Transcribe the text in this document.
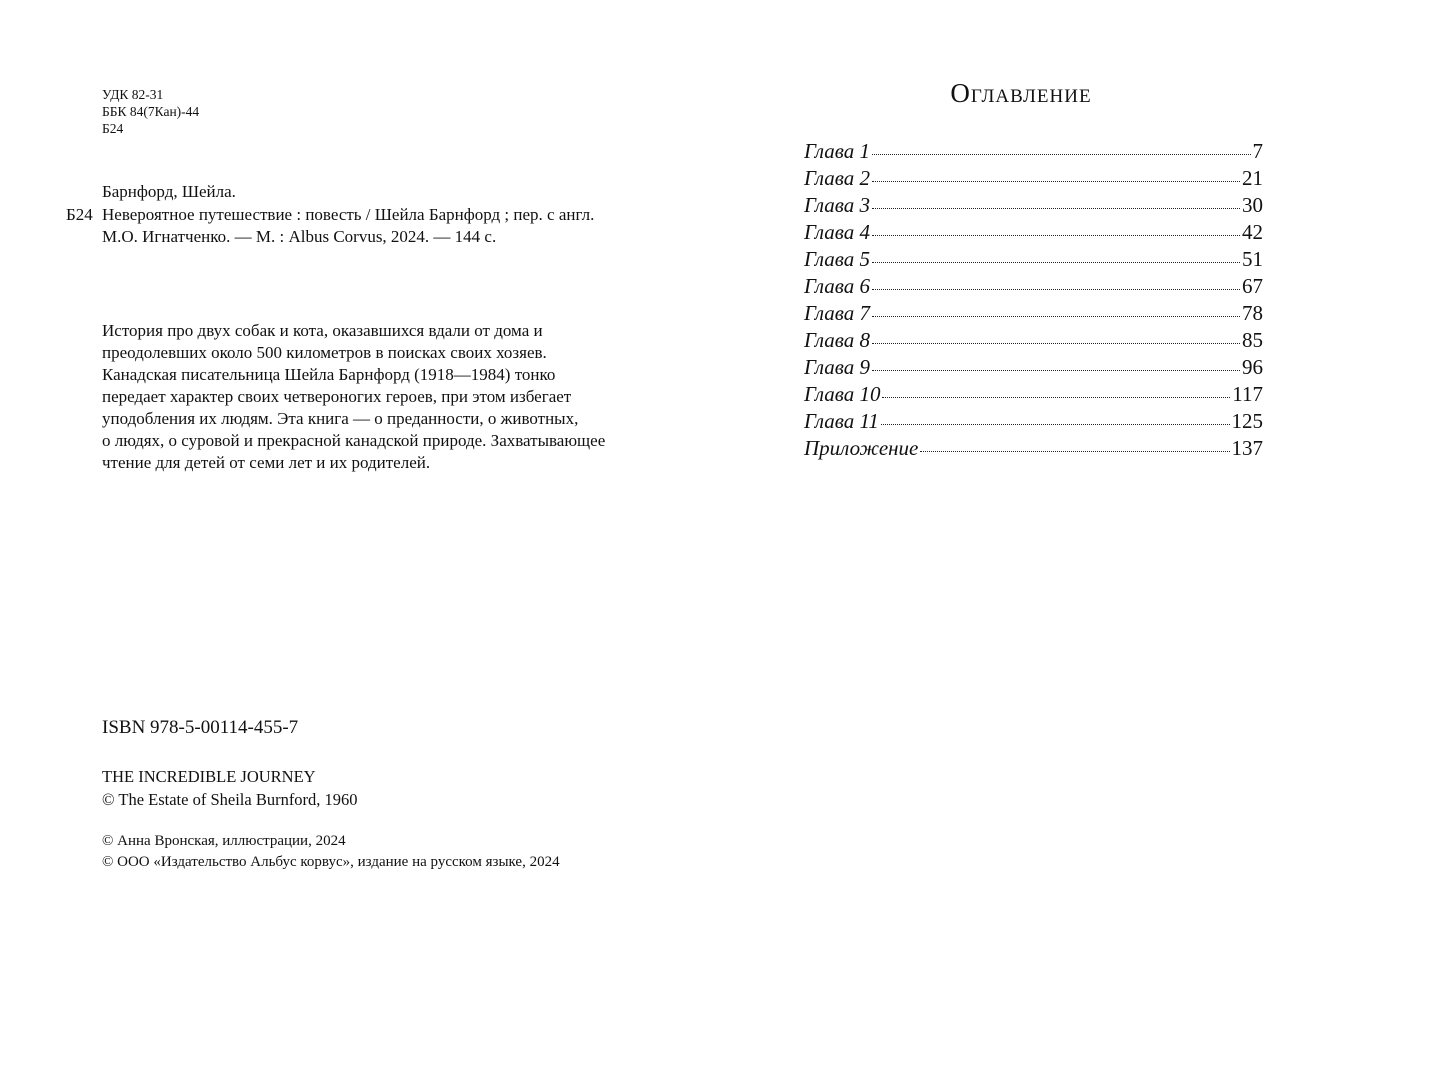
УДК 82-31
ББК 84(7Кан)-44
Б24
Б24
Барнфорд, Шейла.
Невероятное путешествие : повесть / Шейла Барнфорд ; пер. с англ.
М.О. Игнатченко. — М. : Albus Corvus, 2024. — 144 с.
История про двух собак и кота, оказавшихся вдали от дома и
преодолевших около 500 километров в поисках своих хозяев.
Канадская писательница Шейла Барнфорд (1918—1984) тонко
передает характер своих четвероногих героев, при этом избегает
уподобления их людям. Эта книга — о преданности, о животных,
о людях, о суровой и прекрасной канадской природе. Захватывающее
чтение для детей от семи лет и их родителей.
ISBN 978-5-00114-455-7
THE INCREDIBLE JOURNEY
© The Estate of Sheila Burnford, 1960
© Анна Вронская, иллюстрации, 2024
© ООО «Издательство Альбус корвус», издание на русском языке, 2024
Оглавление
Глава 1	7
Глава 2	21
Глава 3	30
Глава 4	42
Глава 5	51
Глава 6	67
Глава 7	78
Глава 8	85
Глава 9	96
Глава 10	117
Глава 11	125
Приложение	137
